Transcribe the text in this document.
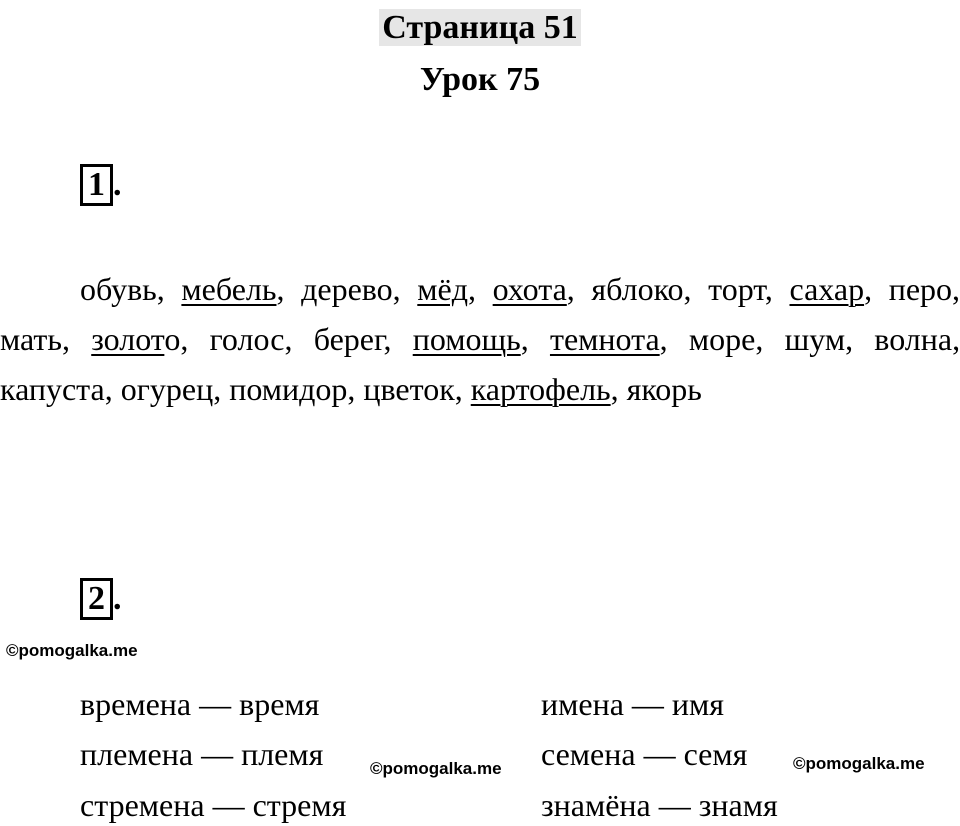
Страница 51
Урок 75
1 .

обувь, мебель, дерево, мёд, охота, яблоко, торт, сахар, перо, мать, золото, голос, берег, помощь, темнота, море, шум, волна, капуста, огурец, помидор, цветок, картофель, якорь

2 .
©pomogalka.me
времена — время
племена — племя
стремена — стремя
имена — имя
семена — семя
знамёна — знамя
©pomogalka.me	©pomogalka.me
